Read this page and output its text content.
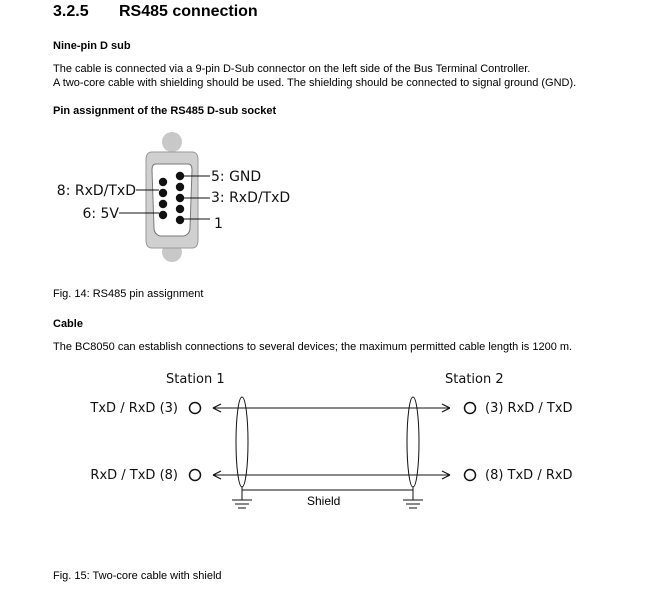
3.2.5 RS485 connection
Nine-pin D sub
The cable is connected via a 9-pin D-Sub connector on the left side of the Bus Terminal Controller.
A two-core cable with shielding should be used. The shielding should be connected to signal ground (GND).
Pin assignment of the RS485 D-sub socket
5: GND
3: RxD/TxD
1
8: RxD/TxD
6: 5V
Station 1	Station 2
TxD / RxD (3)
RxD / TxD (8)
(3) RxD / TxD
(8) TxD / RxD
Shield
Fig. 14: RS485 pin assignment
Cable
The BC8050 can establish connections to several devices; the maximum permitted cable length is 1200 m.
Fig. 15: Two-core cable with shield
